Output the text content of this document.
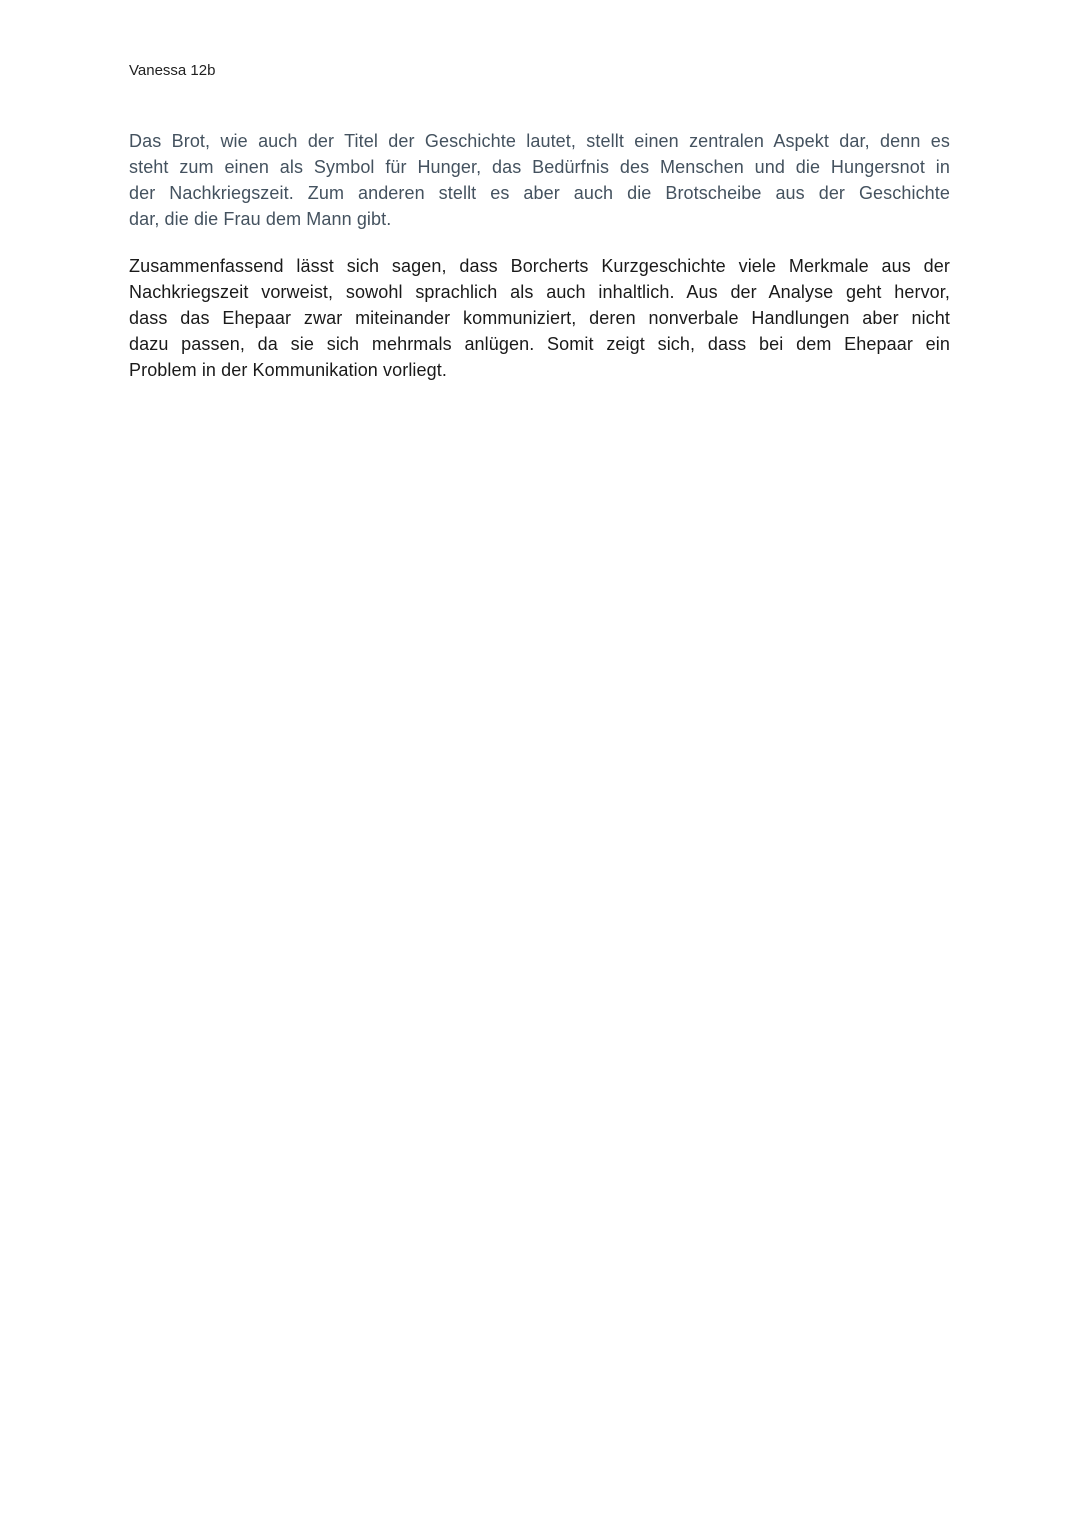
Vanessa 12b
Das Brot, wie auch der Titel der Geschichte lautet, stellt einen zentralen Aspekt dar, denn es
steht zum einen als Symbol für Hunger, das Bedürfnis des Menschen und die Hungersnot in
der Nachkriegszeit. Zum anderen stellt es aber auch die Brotscheibe aus der Geschichte
dar, die die Frau dem Mann gibt.
Zusammenfassend lässt sich sagen, dass Borcherts Kurzgeschichte viele Merkmale aus der
Nachkriegszeit vorweist, sowohl sprachlich als auch inhaltlich. Aus der Analyse geht hervor,
dass das Ehepaar zwar miteinander kommuniziert, deren nonverbale Handlungen aber nicht
dazu passen, da sie sich mehrmals anlügen. Somit zeigt sich, dass bei dem Ehepaar ein
Problem in der Kommunikation vorliegt.
